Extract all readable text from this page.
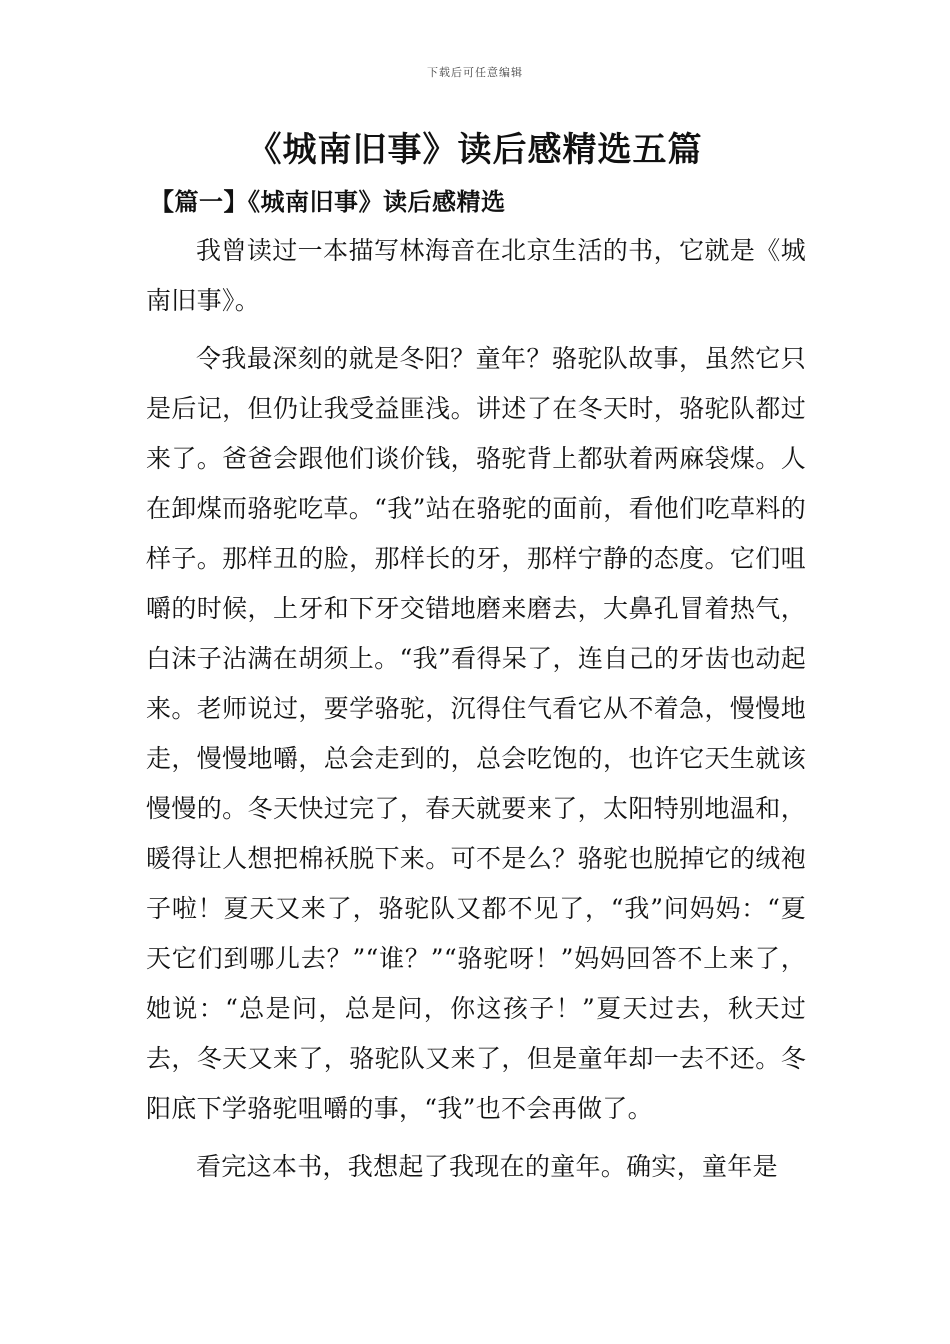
下载后可任意编辑
《城南旧事》读后感精选五篇
【篇一】《城南旧事》读后感精选

我曾读过一本描写林海音在北京生活的书，它就是《城南旧事》。

令我最深刻的就是冬阳？童年？骆驼队故事，虽然它只是后记，但仍让我受益匪浅。讲述了在冬天时，骆驼队都过来了。爸爸会跟他们谈价钱，骆驼背上都驮着两麻袋煤。人在卸煤而骆驼吃草。“我”站在骆驼的面前，看他们吃草料的样子。那样丑的脸，那样长的牙，那样宁静的态度。它们咀嚼的时候，上牙和下牙交错地磨来磨去，大鼻孔冒着热气，白沫子沾满在胡须上。“我”看得呆了，连自己的牙齿也动起来。老师说过，要学骆驼，沉得住气看它从不着急，慢慢地走，慢慢地嚼，总会走到的，总会吃饱的，也许它天生就该慢慢的。冬天快过完了，春天就要来了，太阳特别地温和，暖得让人想把棉袄脱下来。可不是么？骆驼也脱掉它的绒袍子啦！夏天又来了，骆驼队又都不见了，“我”问妈妈：“夏天它们到哪儿去？”“谁？”“骆驼呀！”妈妈回答不上来了，她说：“总是问，总是问，你这孩子！”夏天过去，秋天过去，冬天又来了，骆驼队又来了，但是童年却一去不还。冬阳底下学骆驼咀嚼的事，“我”也不会再做了。

看完这本书，我想起了我现在的童年。确实，童年是
